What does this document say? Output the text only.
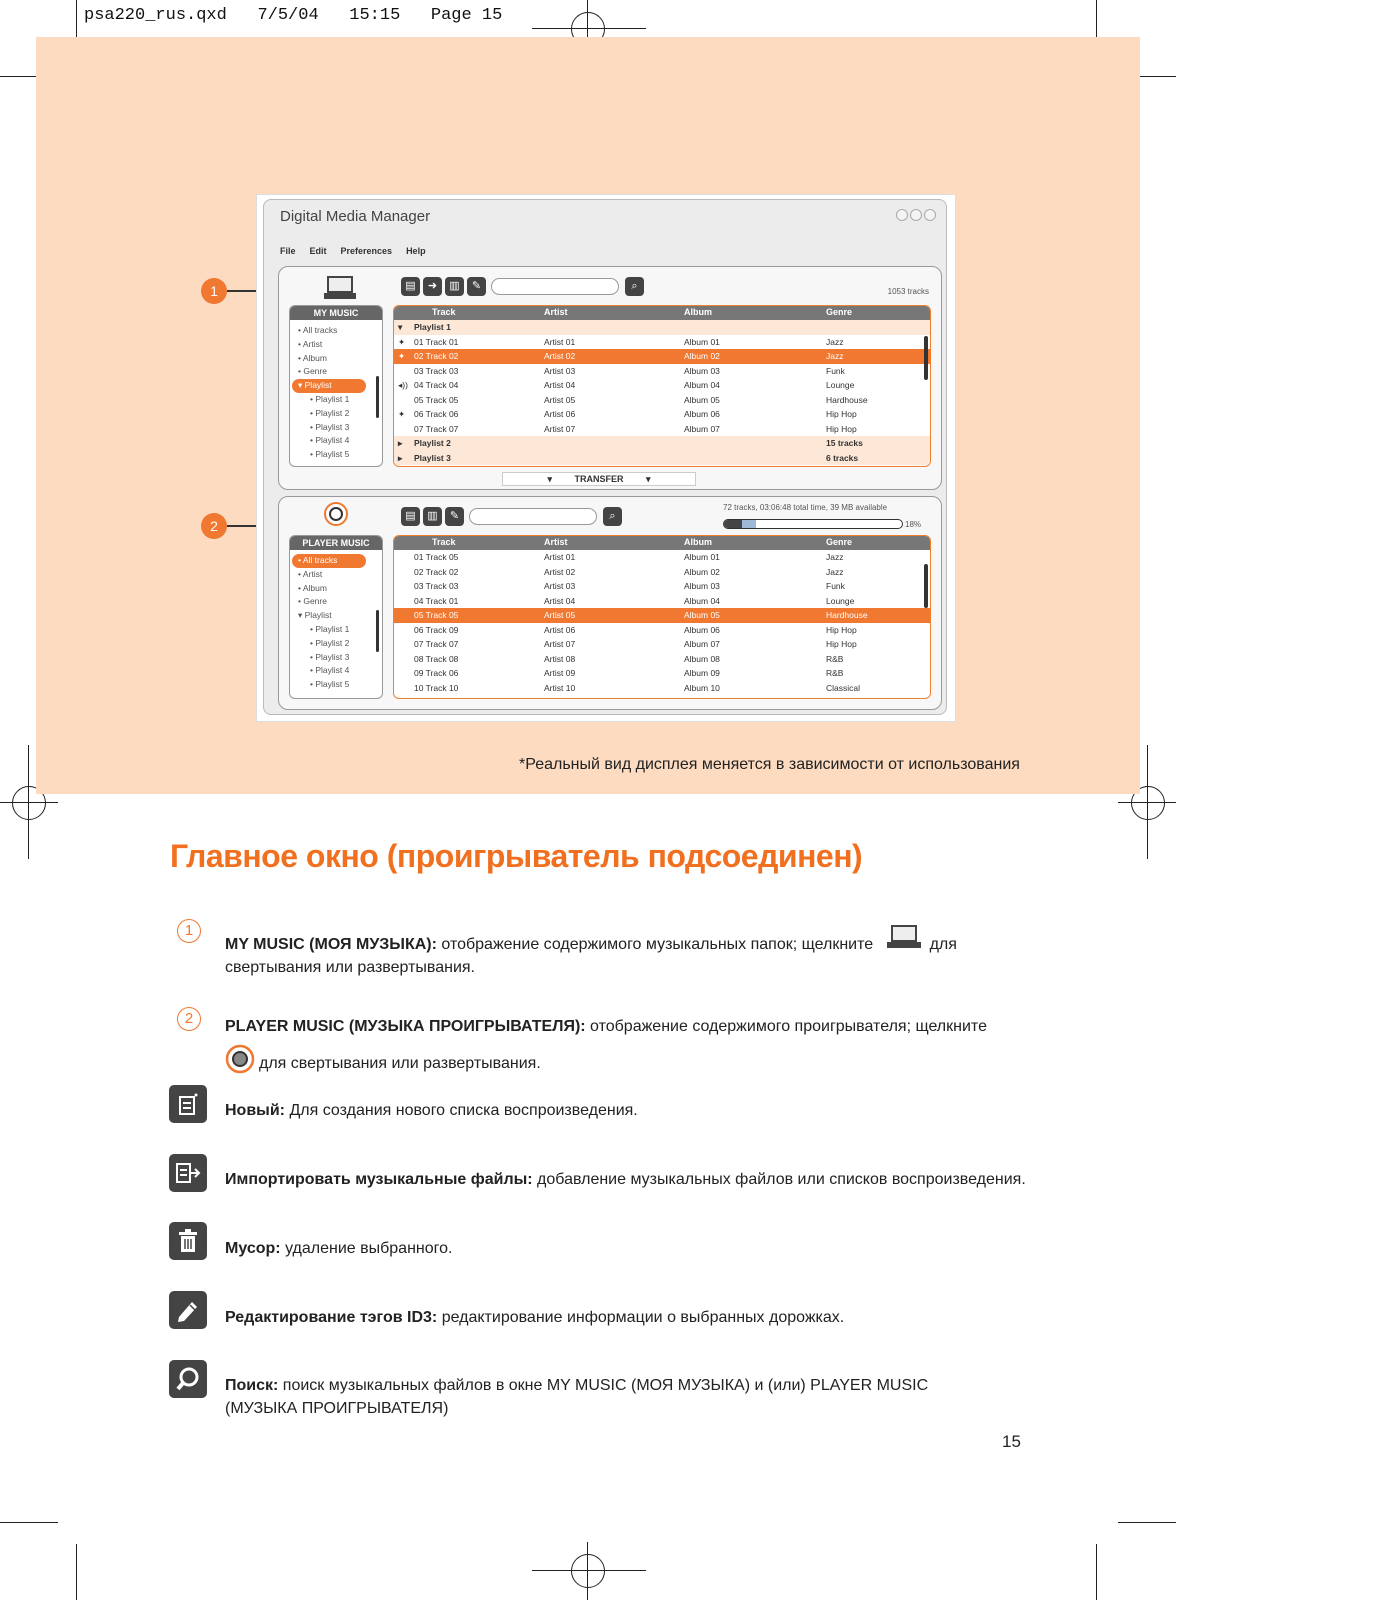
psa220_rus.qxd 7/5/04 15:15 Page 15
1
2
Digital Media Manager
File Edit Preferences Help
▤	➜	▥	✎	⌕	1053 tracks
MY MUSIC
• All tracks
• Artist
• Album
• Genre
▾ Playlist
• Playlist 1
• Playlist 2
• Playlist 3
• Playlist 4
• Playlist 5
Track	Artist	Album	Genre
▾ Playlist 1
✦ 01 Track 01	Artist 01	Album 01	Jazz
✦ 02 Track 02	Artist 02	Album 02	Jazz
03 Track 03	Artist 03	Album 03	Funk
◂)) 04 Track 04	Artist 04	Album 04	Lounge
05 Track 05	Artist 05	Album 05	Hardhouse
✦ 06 Track 06	Artist 06	Album 06	Hip Hop
07 Track 07	Artist 07	Album 07	Hip Hop
▸ Playlist 2	15 tracks
▸ Playlist 3	6 tracks
▾         TRANSFER         ▾
▤	▥	✎	⌕
72 tracks, 03:06:48 total time, 39 MB available
18%
PLAYER MUSIC
• All tracks
• Artist
• Album
• Genre
▾ Playlist
• Playlist 1
• Playlist 2
• Playlist 3
• Playlist 4
• Playlist 5
Track	Artist	Album	Genre
01 Track 05	Artist 01	Album 01	Jazz
02 Track 02	Artist 02	Album 02	Jazz
03 Track 03	Artist 03	Album 03	Funk
04 Track 01	Artist 04	Album 04	Lounge
05 Track 05	Artist 05	Album 05	Hardhouse
06 Track 09	Artist 06	Album 06	Hip Hop
07 Track 07	Artist 07	Album 07	Hip Hop
08 Track 08	Artist 08	Album 08	R&B
09 Track 06	Artist 09	Album 09	R&B
10 Track 10	Artist 10	Album 10	Classical
*Реальный вид дисплея меняется в зависимости от использования
Главное окно (проигрыватель подсоединен)
1
MY MUSIC (МОЯ МУЗЫКА): отображение содержимого музыкальных папок; щелкните	для
свертывания или развертывания.
2	PLAYER MUSIC (МУЗЫКА ПРОИГРЫВАТЕЛЯ): отображение содержимого проигрывателя; щелкните
для свертывания или развертывания.
Новый: Для создания нового списка воспроизведения.
Импортировать музыкальные файлы: добавление музыкальных файлов или списков воспроизведения.
Мусор: удаление выбранного.
Редактирование тэгов ID3: редактирование информации о выбранных дорожках.
Поиск: поиск музыкальных файлов в окне MY MUSIC (МОЯ МУЗЫКА) и (или) PLAYER MUSIC
(МУЗЫКА ПРОИГРЫВАТЕЛЯ)
15
